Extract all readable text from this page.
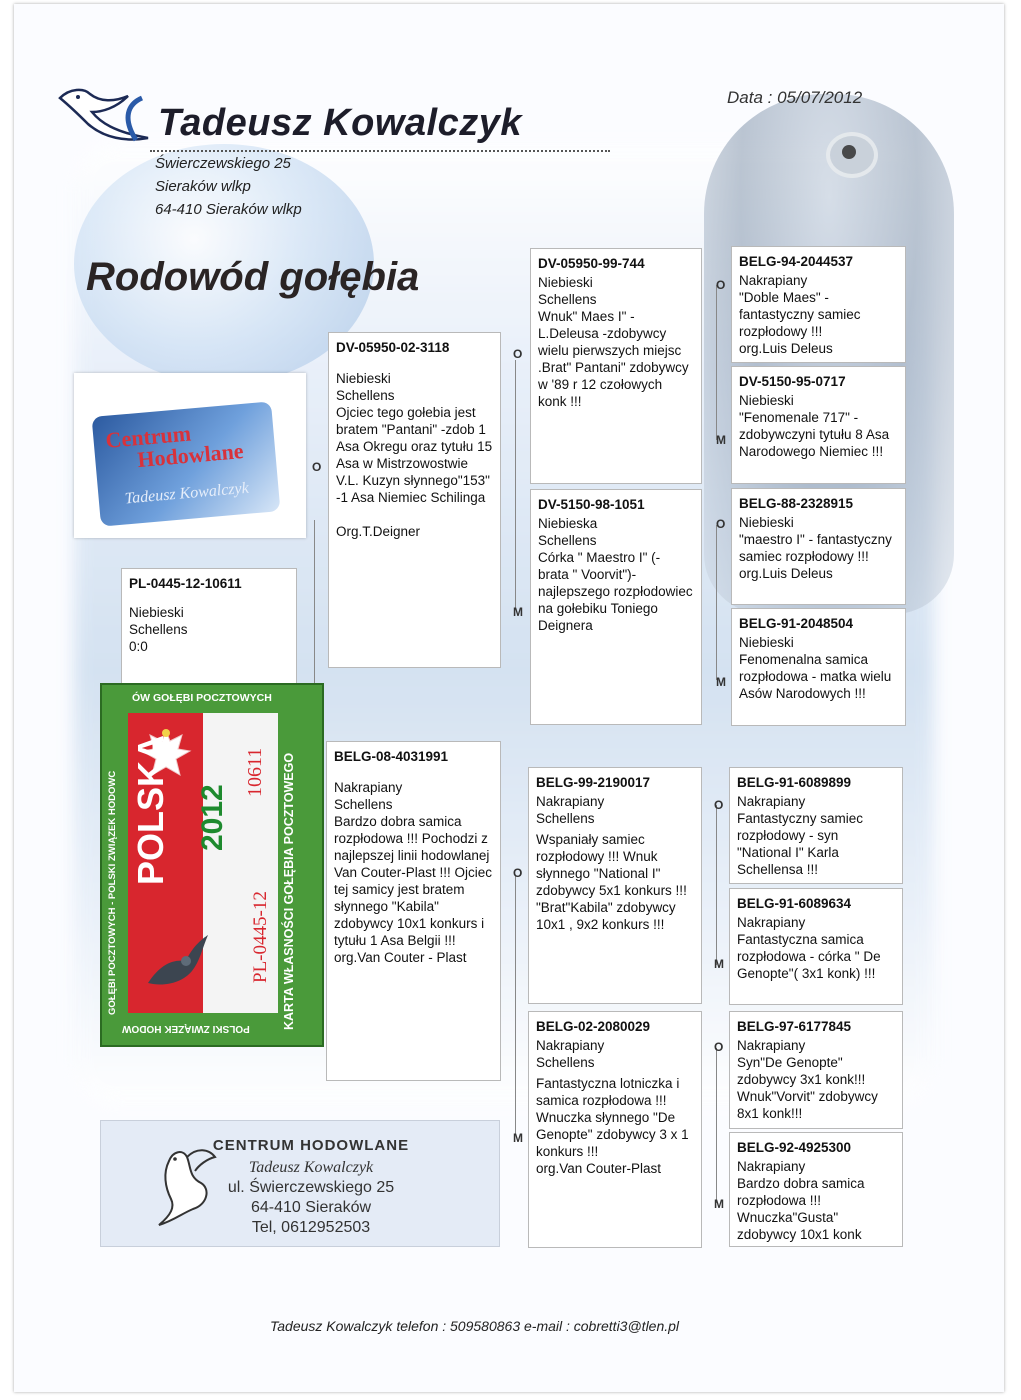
Tadeusz Kowalczyk
Świerczewskiego 25
Sieraków wlkp
64-410 Sieraków wlkp
Data : 05/07/2012
Rodowód gołębia
Centrum
Hodowlane
Tadeusz Kowalczyk
PL-0445-12-10611
Niebieski
Schellens
0:0
DV-05950-02-3118
Niebieski
Schellens
Ojciec tego gołebia jest bratem "Pantani" -zdob 1 Asa Okregu oraz tytułu 15 Asa w Mistrzowostwie V.L. Kuzyn słynnego"153" -1 Asa Niemiec Schilinga
Org.T.Deigner
O
BELG-08-4031991
Nakrapiany
Schellens
Bardzo dobra samica rozpłodowa !!! Pochodzi z najlepszej linii hodowlanej Van Couter-Plast !!! Ojciec tej samicy jest bratem słynnego "Kabila" zdobywcy 10x1 konkurs i tytułu 1 Asa Belgii !!!
org.Van Couter - Plast
DV-05950-99-744
Niebieski
Schellens
Wnuk" Maes I" - L.Deleusa -zdobywcy wielu pierwszych miejsc .Brat" Pantani" zdobywcy w '89 r 12 czołowych konk !!!
O
DV-5150-98-1051
Niebieska
Schellens
Córka " Maestro I" (- brata " Voorvit")- najlepszego rozpłodowiec na gołebiku Toniego Deignera
M
BELG-99-2190017
Nakrapiany
Schellens
Wspaniały samiec rozpłodowy !!! Wnuk słynnego "National I" zdobywcy 5x1 konkurs !!! "Brat"Kabila" zdobywcy 10x1 , 9x2 konkurs !!!
O
BELG-02-2080029
Nakrapiany
Schellens
Fantastyczna lotniczka i samica rozpłodowa !!! Wnuczka słynnego "De Genopte" zdobywcy 3 x 1 konkurs !!!
org.Van Couter-Plast
M
BELG-94-2044537
Nakrapiany
"Doble Maes" - fantastyczny samiec rozpłodowy !!!
org.Luis Deleus
O
DV-5150-95-0717
Niebieski
"Fenomenale 717" - zdobywczyni tytułu 8 Asa Narodowego Niemiec !!!
M
BELG-88-2328915
Niebieski
"maestro I" - fantastyczny samiec rozpłodowy !!!
org.Luis Deleus
O
BELG-91-2048504
Niebieski
Fenomenalna samica rozpłodowa - matka wielu Asów Narodowych !!!
M
BELG-91-6089899
Nakrapiany
Fantastyczny samiec rozpłodowy - syn "National I" Karla Schellensa !!!
O
BELG-91-6089634
Nakrapiany
Fantastyczna samica rozpłodowa - córka " De Genopte"( 3x1 konk) !!!
M
BELG-97-6177845
Nakrapiany
Syn"De Genopte" zdobywcy 3x1 konk!!! Wnuk"Vorvit" zdobywcy 8x1 konk!!!
O
BELG-92-4925300
Nakrapiany
Bardzo dobra samica rozpłodowa !!! Wnuczka"Gusta" zdobywcy 10x1 konk
M
POLSKA 2012
PL-0445-12
10611 KARTA WŁASNOŚCI GOŁĘBIA POCZTOWEGO
ÓW GOŁĘBI POCZTOWYCH
POLSKI ZWIĄZEK HODOW
GOŁĘBI POCZTOWYCH - POLSKI ZWIĄZEK HODOWC
CENTRUM HODOWLANE
Tadeusz Kowalczyk
ul. Świerczewskiego 25
64-410 Sieraków
Tel, 0612952503
Tadeusz Kowalczyk telefon : 509580863 e-mail : cobretti3@tlen.pl
